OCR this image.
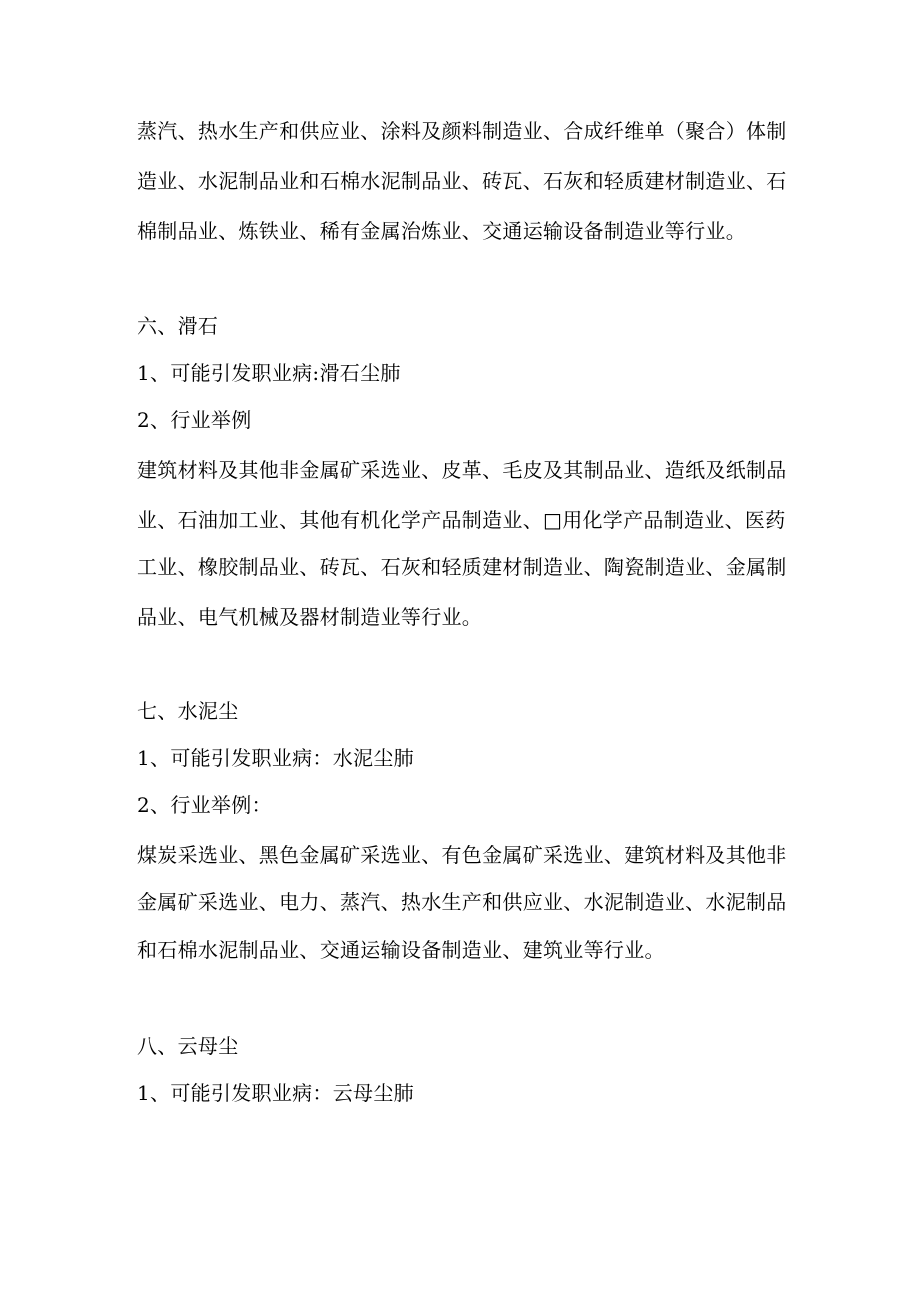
蒸汽、热水生产和供应业、涂料及颜料制造业、合成纤维单（聚合）体制
造业、水泥制品业和石棉水泥制品业、砖瓦、石灰和轻质建材制造业、石
棉制品业、炼铁业、稀有金属治炼业、交通运输设备制造业等行业。
六、滑石
1、可能引发职业病:滑石尘肺
2、行业举例
建筑材料及其他非金属矿采选业、皮革、毛皮及其制品业、造纸及纸制品
业、石油加工业、其他有机化学产品制造业、□用化学产品制造业、医药
工业、橡胶制品业、砖瓦、石灰和轻质建材制造业、陶瓷制造业、金属制
品业、电气机械及器材制造业等行业。
七、水泥尘
1、可能引发职业病：水泥尘肺
2、行业举例：
煤炭采选业、黑色金属矿采选业、有色金属矿采选业、建筑材料及其他非
金属矿采选业、电力、蒸汽、热水生产和供应业、水泥制造业、水泥制品
和石棉水泥制品业、交通运输设备制造业、建筑业等行业。
八、云母尘
1、可能引发职业病：云母尘肺
